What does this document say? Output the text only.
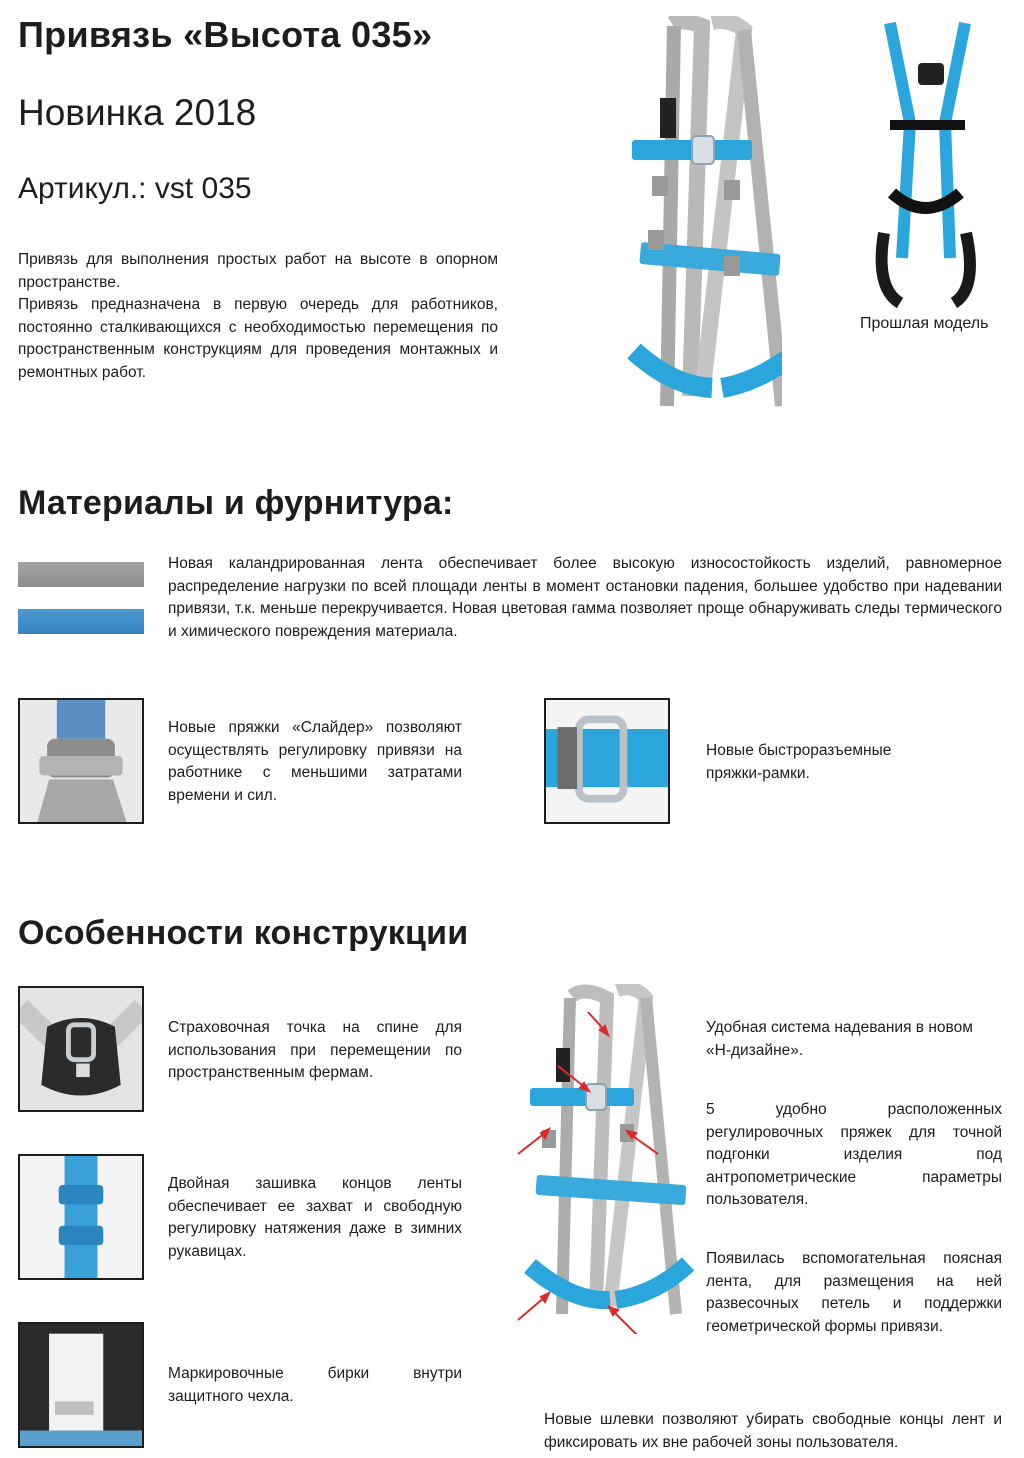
Привязь «Высота 035»
Новинка 2018
Артикул.: vst 035

Привязь для выполнения простых работ на высоте в опорном пространстве.

Привязь предназначена в первую очередь для работников, постоянно сталкивающихся с необходимостью перемещения по пространственным конструкциям для проведения монтажных и ремонтных работ.

Прошлая модель
Материалы и фурнитура:
Новая каландрированная лента обеспечивает более высокую износостойкость изделий, равномерное распределение нагрузки по всей площади ленты в момент остановки падения, большее удобство при надевании привязи, т.к. меньше перекручивается. Новая цветовая гамма позволяет проще обнаруживать следы термического и химического повреждения материала.
Новые пряжки «Слайдер» позволяют осуществлять регулировку привязи на работнике с меньшими затратами времени и сил.
Новые быстроразъемные пряжки-рамки.
Особенности конструкции
Страховочная точка на спине для использования при перемещении по пространственным фермам.
Двойная зашивка концов ленты обеспечивает ее захват и свободную регулировку натяжения даже в зимних рукавицах.
Маркировочные бирки внутри защитного чехла.
Удобная система надевания в новом «Н-дизайне».
5 удобно расположенных регулировочных пряжек для точной подгонки изделия под антропометрические параметры пользователя.
Появилась вспомогательная поясная лента, для размещения на ней развесочных петель и поддержки геометрической формы привязи.
Новые шлевки позволяют убирать свободные концы лент и фиксировать их вне рабочей зоны пользователя.
